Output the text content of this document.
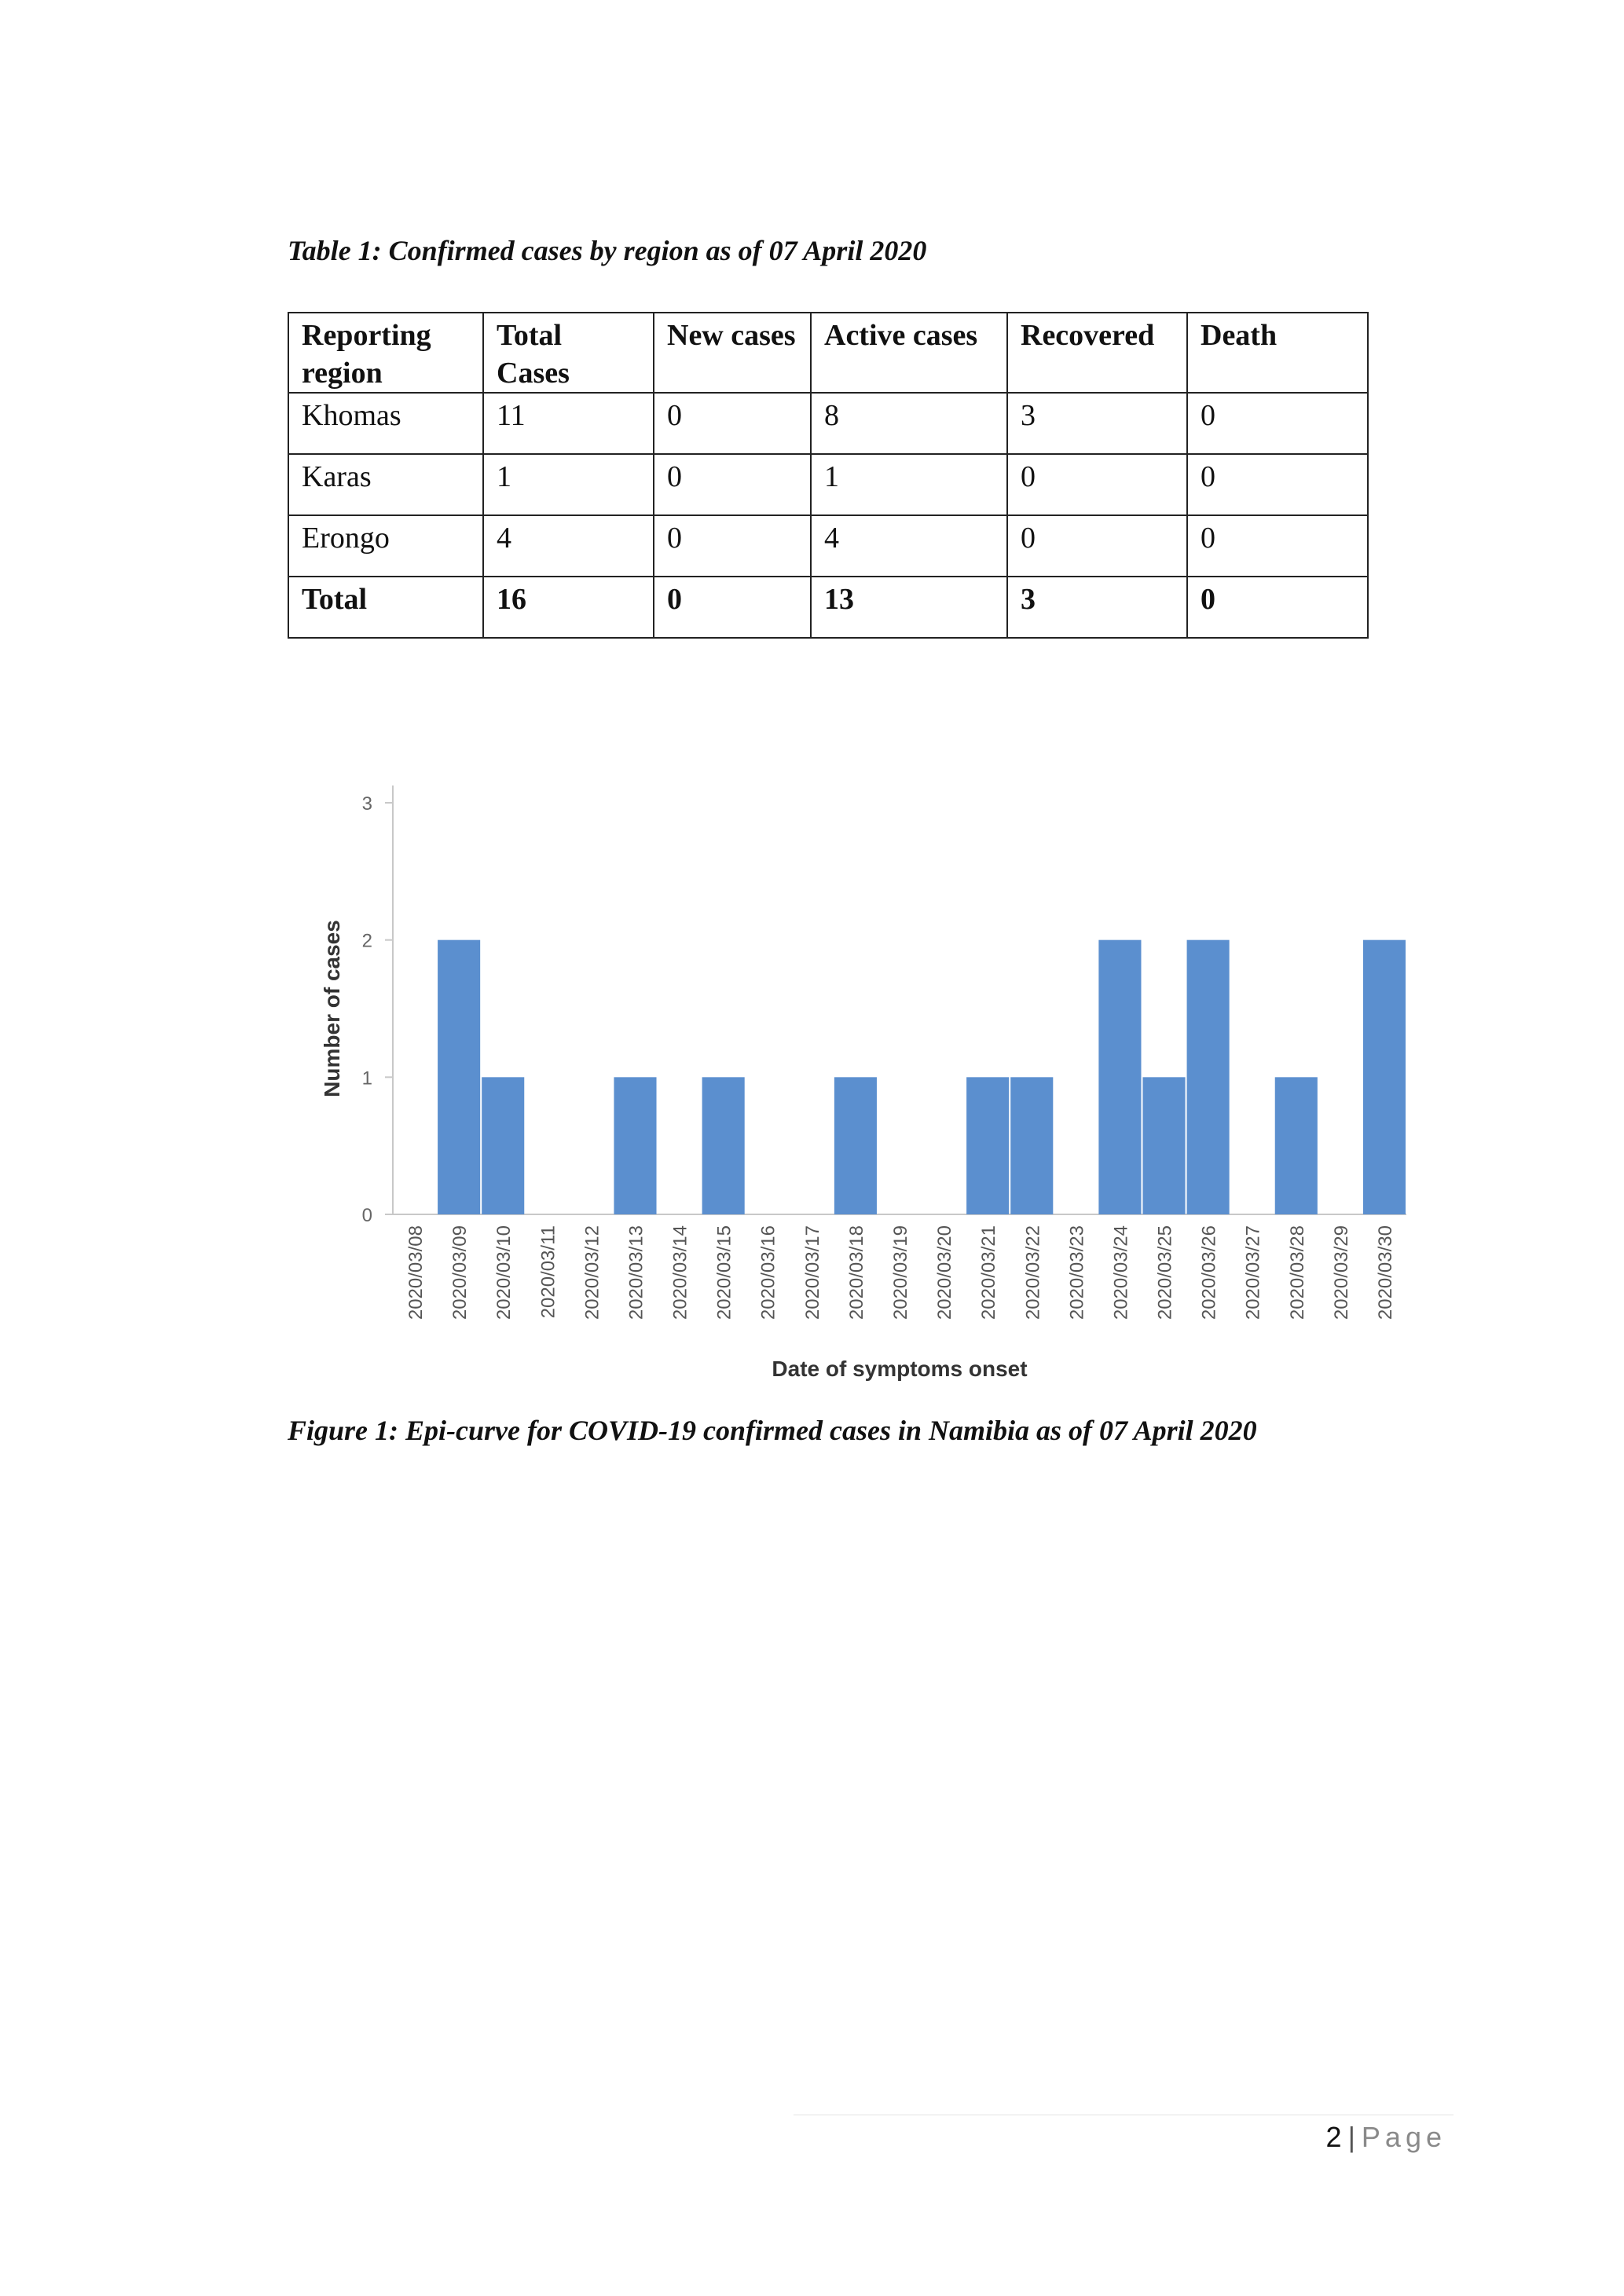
Table 1: Confirmed cases by region as of 07 April 2020
Reporting region	Total Cases	New cases	Active cases	Recovered	Death
Khomas	11	0	8	3	0
Karas	1	0	1	0	0
Erongo	4	0	4	0	0
Total	16	0	13	3	0
Number of cases
Date of symptoms onset
0
1
2
3
2020/03/08 2020/03/09 2020/03/10 2020/03/11 2020/03/12 2020/03/13 2020/03/14 2020/03/15 2020/03/16 2020/03/17 2020/03/18 2020/03/19 2020/03/20 2020/03/21 2020/03/22 2020/03/23 2020/03/24 2020/03/25 2020/03/26 2020/03/27 2020/03/28 2020/03/29 2020/03/30
Figure 1: Epi-curve for COVID-19 confirmed cases in Namibia as of 07 April 2020
2 | Page
